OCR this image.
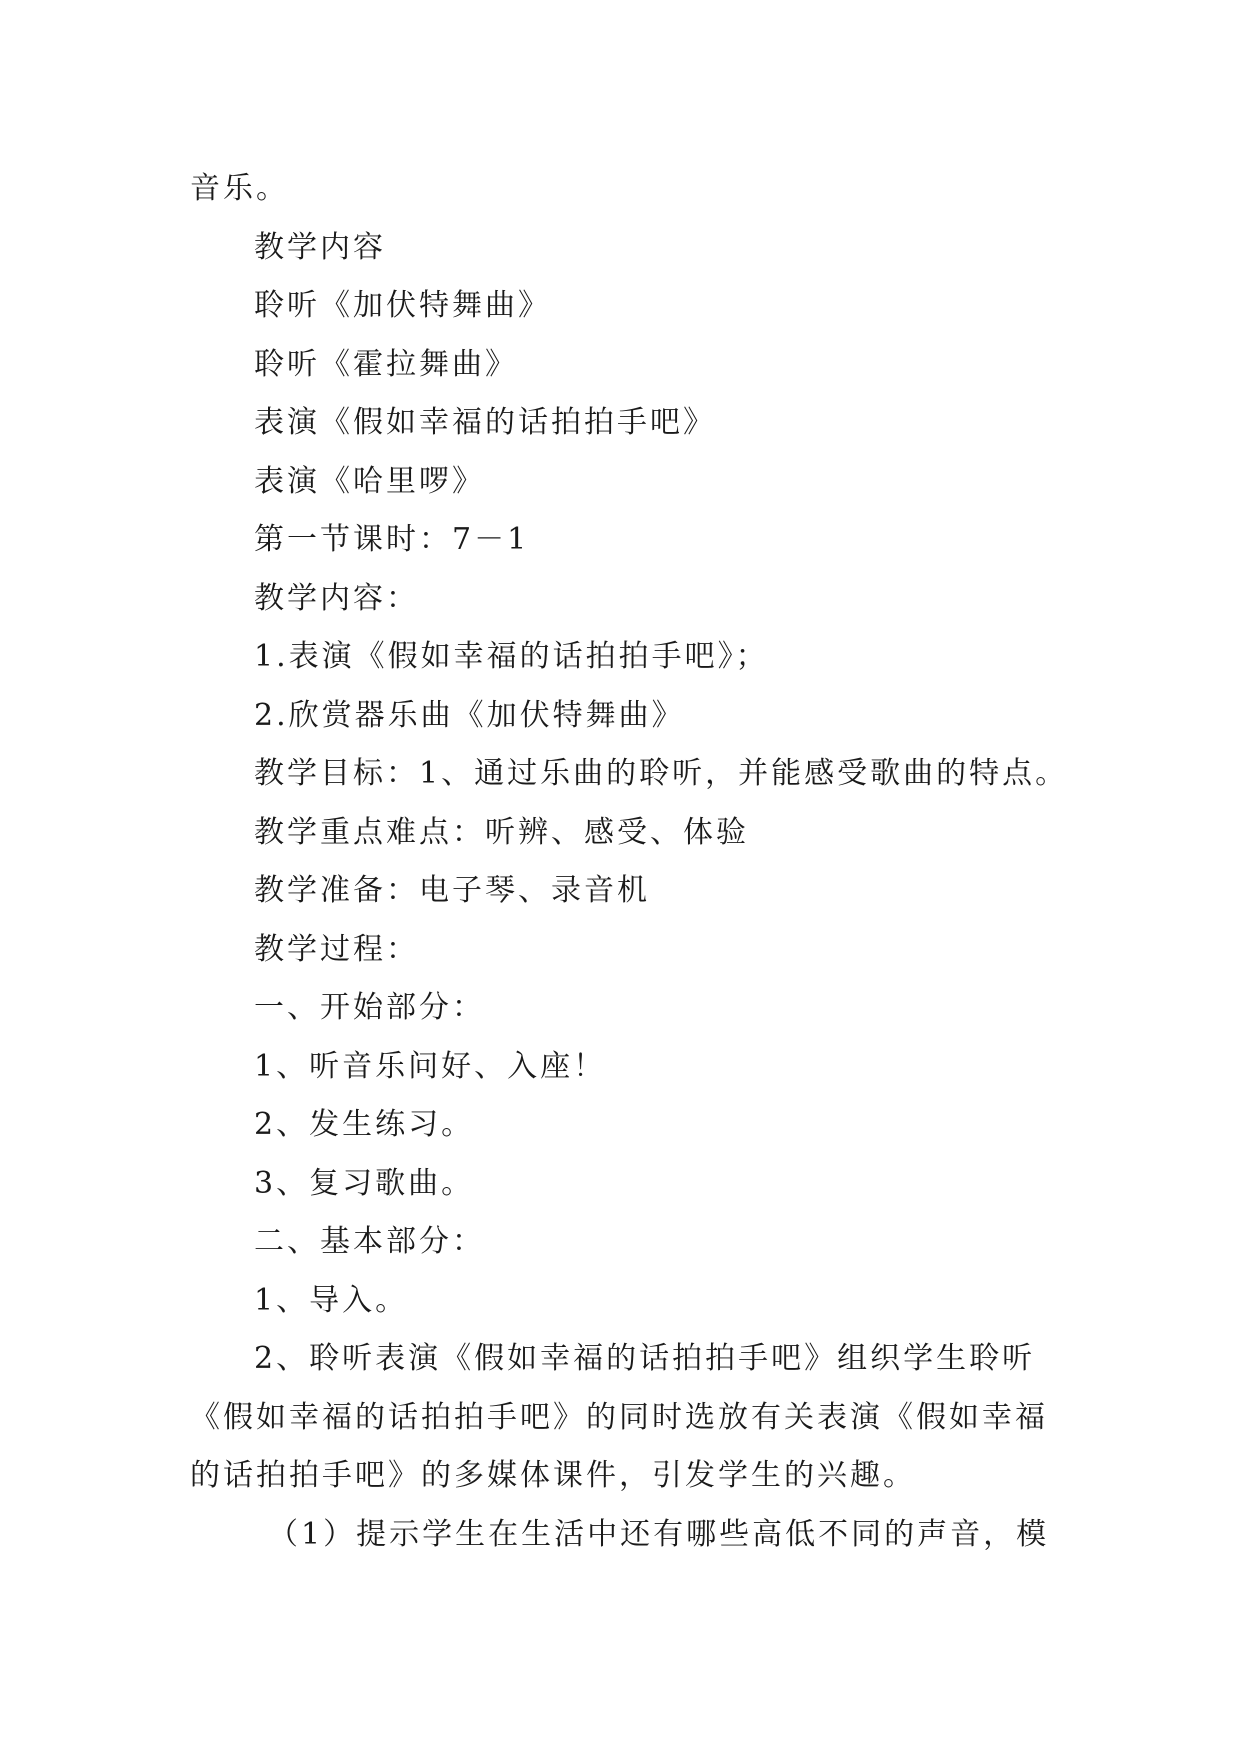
音乐。

教学内容

聆听《加伏特舞曲》

聆听《霍拉舞曲》

表演《假如幸福的话拍拍手吧》

表演《哈里啰》

第一节课时：7－1

教学内容：

1.表演《假如幸福的话拍拍手吧》；

2.欣赏器乐曲《加伏特舞曲》

教学目标：1、通过乐曲的聆听，并能感受歌曲的特点。

教学重点难点：听辨、感受、体验

教学准备：电子琴、录音机

教学过程：

一、开始部分：

1、听音乐问好、入座！

2、发生练习。

3、复习歌曲。

二、基本部分：

1、导入。

2、聆听表演《假如幸福的话拍拍手吧》组织学生聆听

《假如幸福的话拍拍手吧》的同时选放有关表演《假如幸福

的话拍拍手吧》的多媒体课件，引发学生的兴趣。

（1）提示学生在生活中还有哪些高低不同的声音，模
